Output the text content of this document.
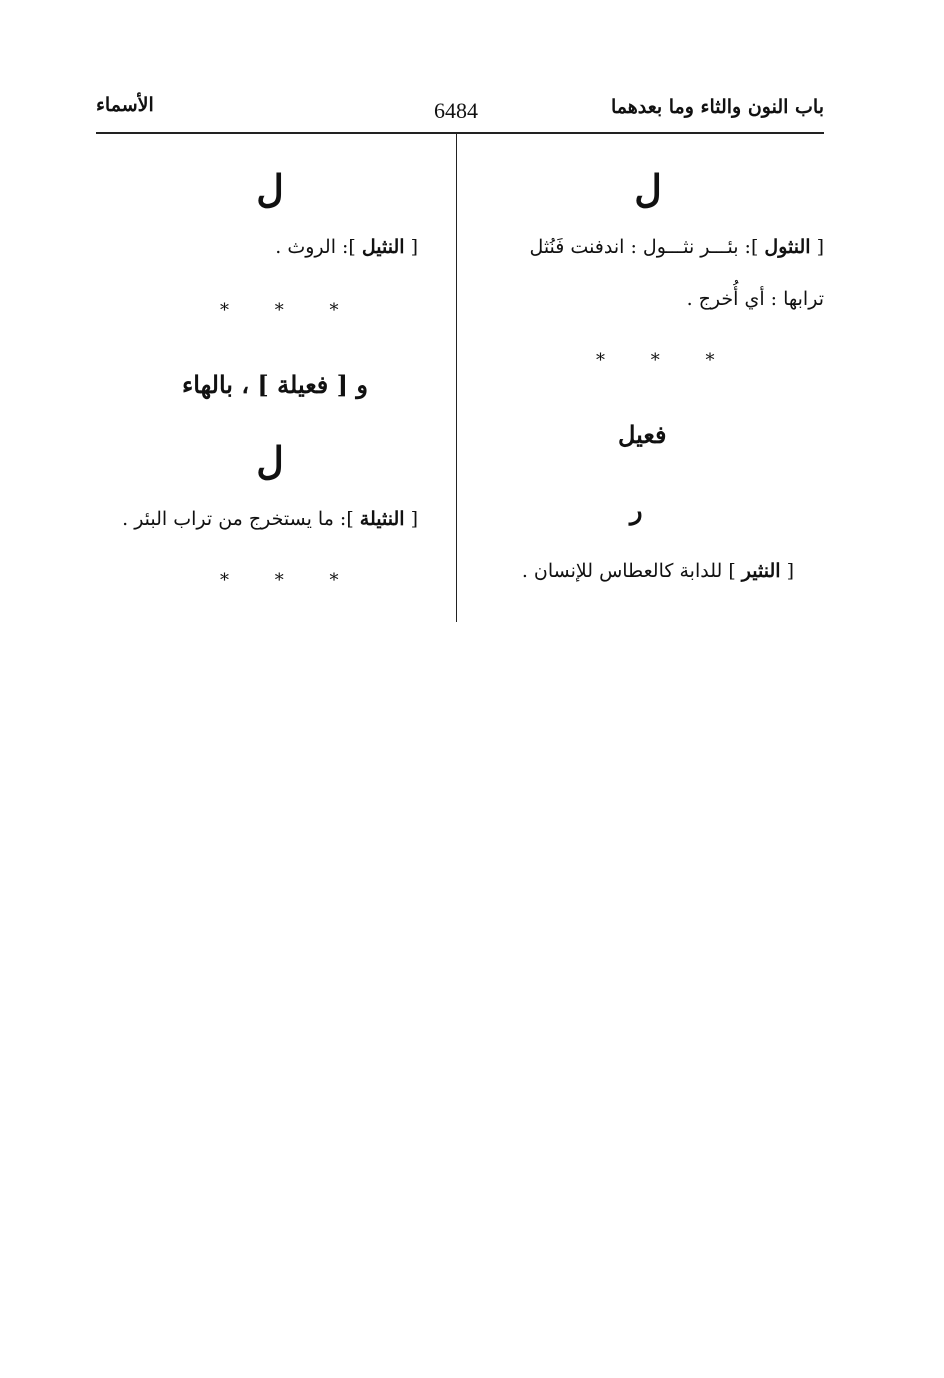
باب النون والثاء وما بعدهما
6484
الأسماء
ل
[ النثول ]: بئـــر نثـــول : اندفنت فَنُثل
ترابها : أي أُخرج .
* * *
فعيل
ر
[ النثير ] للدابة كالعطاس للإنسان .
ل
[ النثيل ]: الروث .
* * *
و [ فعيلة ] ، بالهاء
ل
[ النثيلة ]: ما يستخرج من تراب البئر .
* * *
